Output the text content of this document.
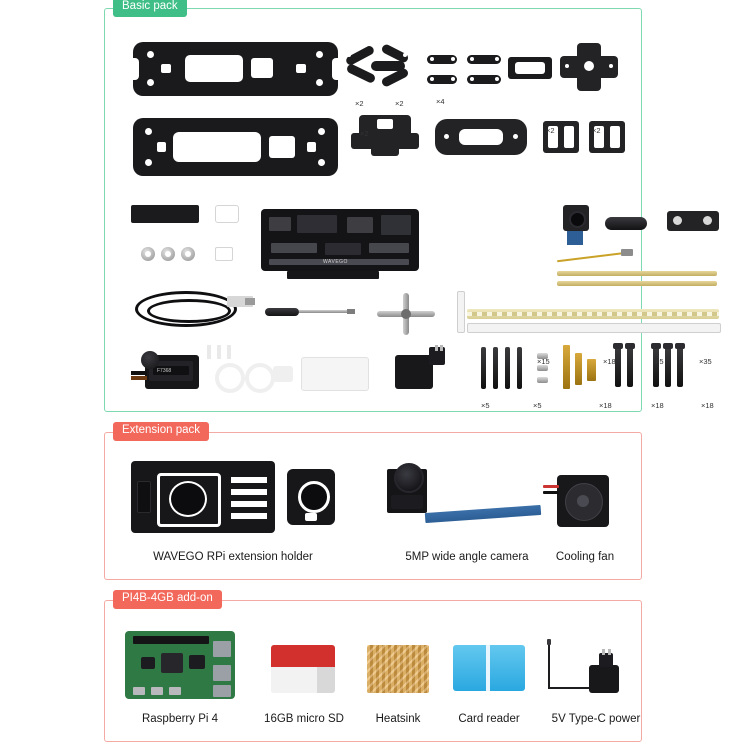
Basic pack
×2	×2	×4
×2	×2	×2
WAVEGO
F7368
×15	×18	×5	×35
×5	×5	×18	×18	×18
Extension pack
WAVEGO RPi extension holder	5MP wide angle camera	Cooling fan
PI4B-4GB add-on
Raspberry Pi 4	16GB micro SD	Heatsink	Card reader	5V Type-C power
